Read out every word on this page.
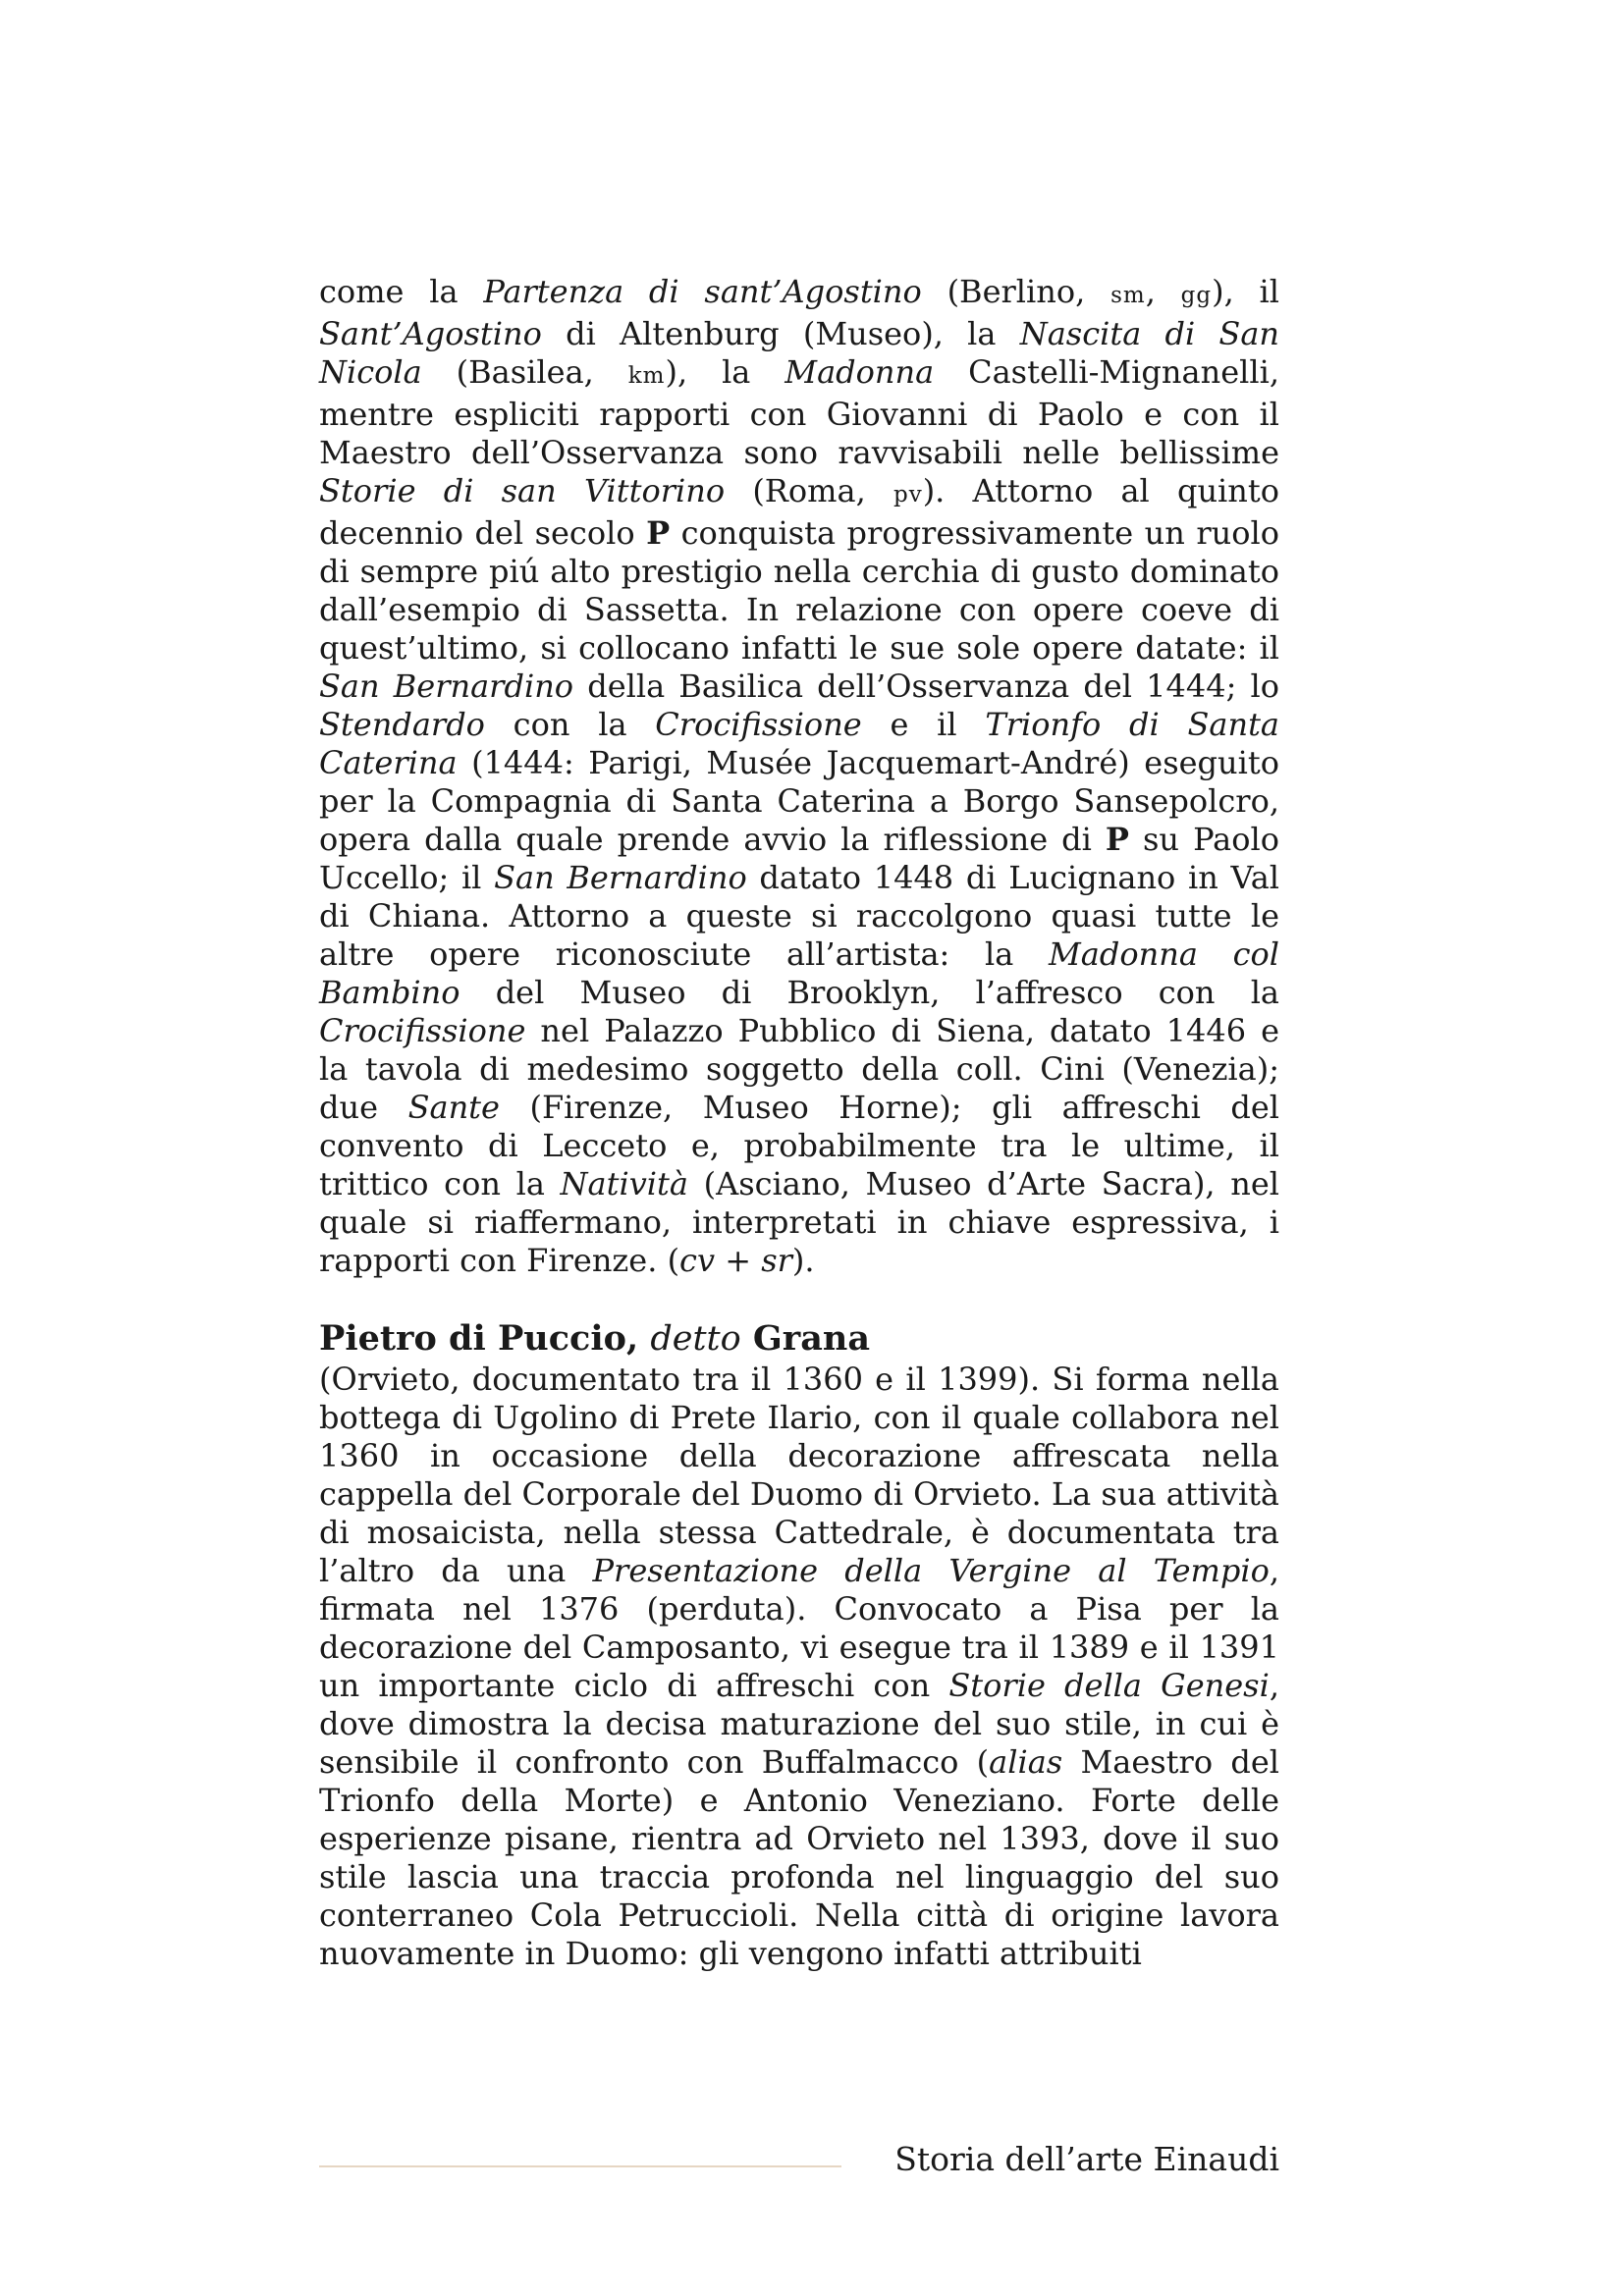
come la Partenza di sant’Agostino (Berlino, sm, gg), il Sant’Agostino di Altenburg (Museo), la Nascita di San Nicola (Basilea, km), la Madonna Castelli-Mignanelli, mentre espliciti rapporti con Giovanni di Paolo e con il Maestro dell’Osservanza sono ravvisabili nelle bellissime Storie di san Vittorino (Roma, pv). Attorno al quinto decennio del secolo P conquista progressivamente un ruolo di sempre piú alto prestigio nella cerchia di gusto dominato dall’esempio di Sassetta. In relazione con opere coeve di quest’ultimo, si collocano infatti le sue sole opere datate: il San Bernardino della Basilica dell’Osservanza del 1444; lo Stendardo con la Crocifissione e il Trionfo di Santa Caterina (1444: Parigi, Musée Jacquemart-André) eseguito per la Compagnia di Santa Caterina a Borgo Sansepolcro, opera dalla quale prende avvio la riflessione di P su Paolo Uccello; il San Bernardino datato 1448 di Lucignano in Val di Chiana. Attorno a queste si raccolgono quasi tutte le altre opere riconosciute all’artista: la Madonna col Bambino del Museo di Brooklyn, l’affresco con la Crocifissione nel Palazzo Pubblico di Siena, datato 1446 e la tavola di medesimo soggetto della coll. Cini (Venezia); due Sante (Firenze, Museo Horne); gli affreschi del convento di Lecceto e, probabilmente tra le ultime, il trittico con la Natività (Asciano, Museo d’Arte Sacra), nel quale si riaffermano, interpretati in chiave espressiva, i rapporti con Firenze. (cv + sr).

Pietro di Puccio, detto Grana

(Orvieto, documentato tra il 1360 e il 1399). Si forma nella bottega di Ugolino di Prete Ilario, con il quale collabora nel 1360 in occasione della decorazione affrescata nella cappella del Corporale del Duomo di Orvieto. La sua attività di mosaicista, nella stessa Cattedrale, è documentata tra l’altro da una Presentazione della Vergine al Tempio, firmata nel 1376 (perduta). Convocato a Pisa per la decorazione del Camposanto, vi esegue tra il 1389 e il 1391 un importante ciclo di affreschi con Storie della Genesi, dove dimostra la decisa maturazione del suo stile, in cui è sensibile il confronto con Buffalmacco (alias Maestro del Trionfo della Morte) e Antonio Veneziano. Forte delle esperienze pisane, rientra ad Orvieto nel 1393, dove il suo stile lascia una traccia profonda nel linguaggio del suo conterraneo Cola Petruccioli. Nella città di origine lavora nuovamente in Duomo: gli vengono infatti attribuiti

Storia dell’arte Einaudi
